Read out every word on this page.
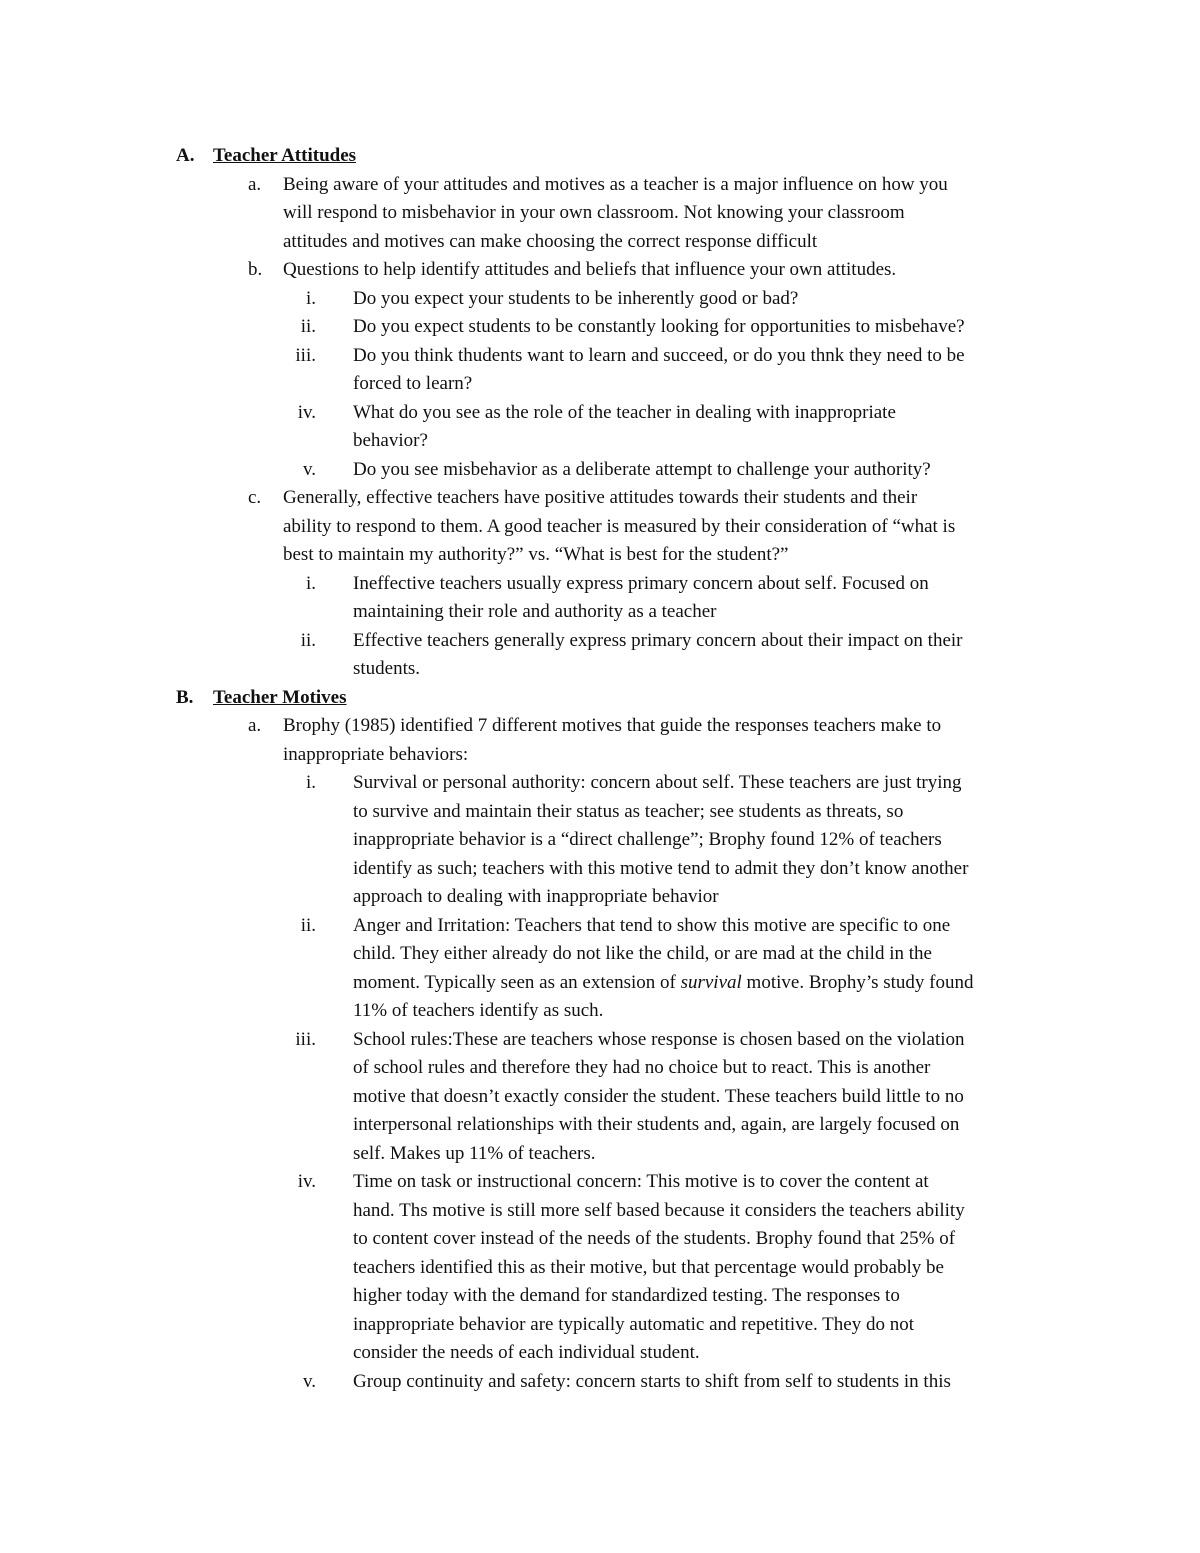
A. Teacher Attitudes
a. Being aware of your attitudes and motives as a teacher is a major influence on how you
will respond to misbehavior in your own classroom. Not knowing your classroom
attitudes and motives can make choosing the correct response difficult
b. Questions to help identify attitudes and beliefs that influence your own attitudes.
i. Do you expect your students to be inherently good or bad?
ii. Do you expect students to be constantly looking for opportunities to misbehave?
iii. Do you think thudents want to learn and succeed, or do you thnk they need to be
forced to learn?
iv. What do you see as the role of the teacher in dealing with inappropriate
behavior?
v. Do you see misbehavior as a deliberate attempt to challenge your authority?
c. Generally, effective teachers have positive attitudes towards their students and their
ability to respond to them. A good teacher is measured by their consideration of “what is
best to maintain my authority?” vs. “What is best for the student?”
i. Ineffective teachers usually express primary concern about self. Focused on
maintaining their role and authority as a teacher
ii. Effective teachers generally express primary concern about their impact on their
students.
B. Teacher Motives
a. Brophy (1985) identified 7 different motives that guide the responses teachers make to
inappropriate behaviors:
i. Survival or personal authority: concern about self. These teachers are just trying
to survive and maintain their status as teacher; see students as threats, so
inappropriate behavior is a “direct challenge”; Brophy found 12% of teachers
identify as such; teachers with this motive tend to admit they don’t know another
approach to dealing with inappropriate behavior
ii. Anger and Irritation: Teachers that tend to show this motive are specific to one
child. They either already do not like the child, or are mad at the child in the
moment. Typically seen as an extension of survival motive. Brophy’s study found
11% of teachers identify as such.
iii. School rules:These are teachers whose response is chosen based on the violation
of school rules and therefore they had no choice but to react. This is another
motive that doesn’t exactly consider the student. These teachers build little to no
interpersonal relationships with their students and, again, are largely focused on
self. Makes up 11% of teachers.
iv. Time on task or instructional concern: This motive is to cover the content at
hand. Ths motive is still more self based because it considers the teachers ability
to content cover instead of the needs of the students. Brophy found that 25% of
teachers identified this as their motive, but that percentage would probably be
higher today with the demand for standardized testing. The responses to
inappropriate behavior are typically automatic and repetitive. They do not
consider the needs of each individual student.
v. Group continuity and safety: concern starts to shift from self to students in this
